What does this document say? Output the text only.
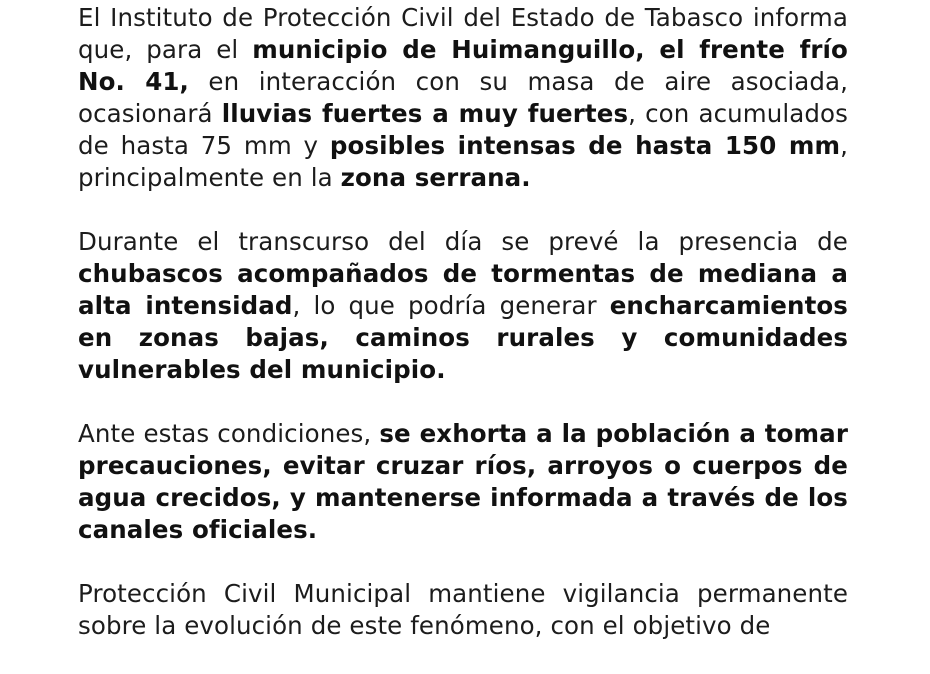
El Instituto de Protección Civil del Estado de Tabasco informa que, para el municipio de Huimanguillo, el frente frío No. 41, en interacción con su masa de aire asociada, ocasionará lluvias fuertes a muy fuertes, con acumulados de hasta 75 mm y posibles intensas de hasta 150 mm, principalmente en la zona serrana.

Durante el transcurso del día se prevé la presencia de chubascos acompañados de tormentas de mediana a alta intensidad, lo que podría generar encharcamientos en zonas bajas, caminos rurales y comunidades vulnerables del municipio.

Ante estas condiciones, se exhorta a la población a tomar precauciones, evitar cruzar ríos, arroyos o cuerpos de agua crecidos, y mantenerse informada a través de los canales oficiales.

Protección Civil Municipal mantiene vigilancia permanente sobre la evolución de este fenómeno, con el objetivo de
